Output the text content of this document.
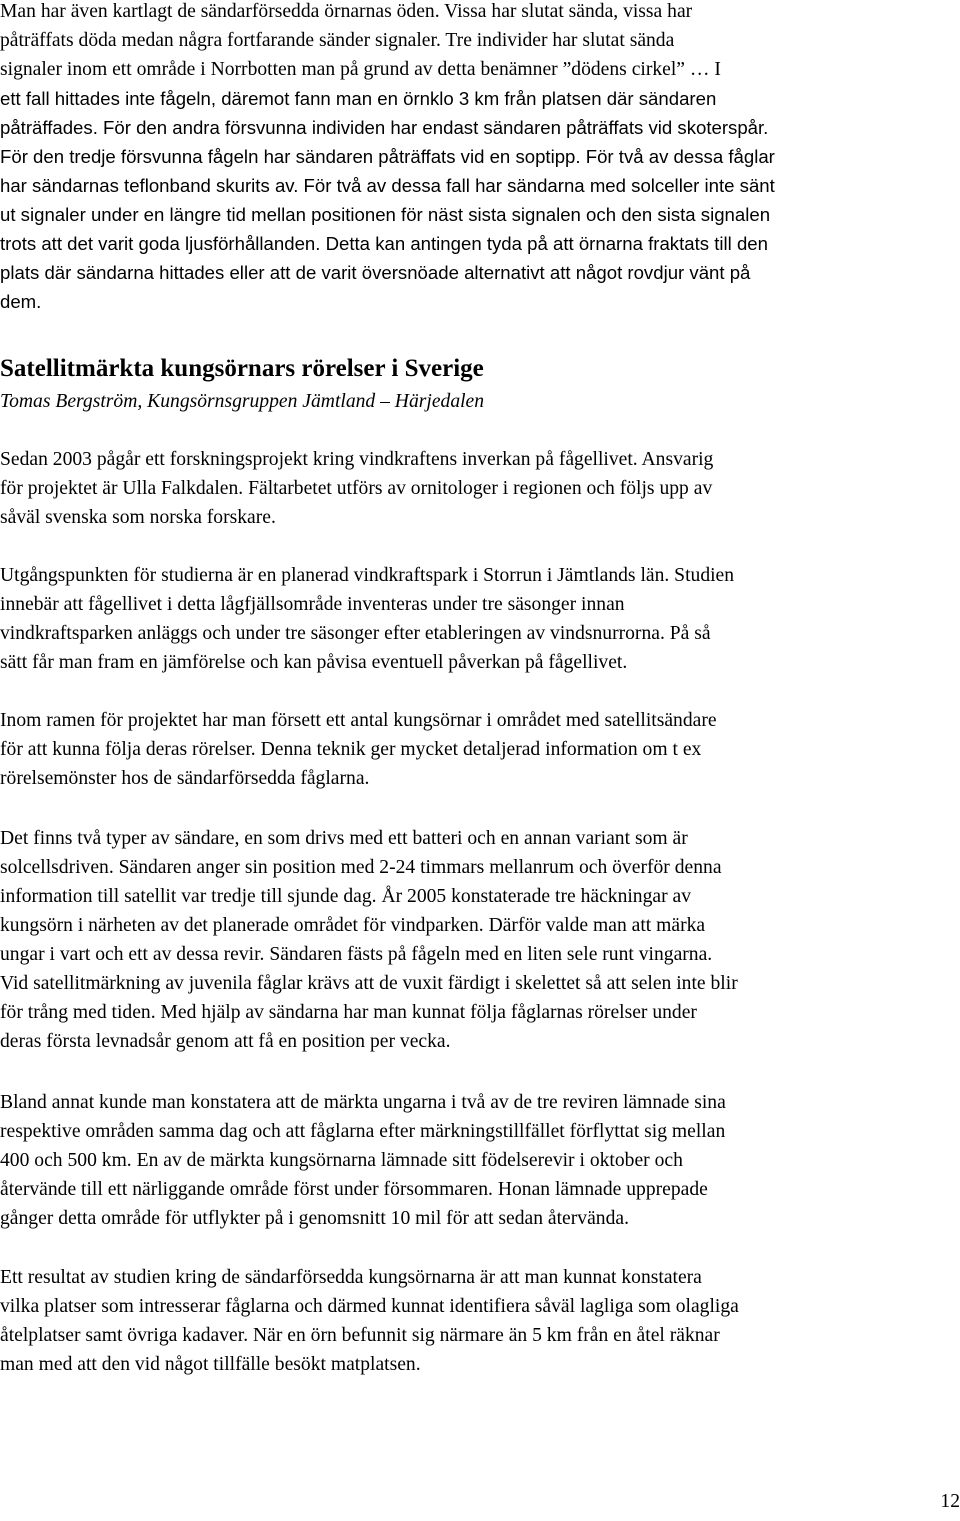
Man har även kartlagt de sändarförsedda örnarnas öden. Vissa har slutat sända, vissa har
påträffats döda medan några fortfarande sänder signaler. Tre individer har slutat sända
signaler inom ett område i Norrbotten man på grund av detta benämner ”dödens cirkel” … I
ett fall hittades inte fågeln, däremot fann man en örnklo 3 km från platsen där sändaren
påträffades. För den andra försvunna individen har endast sändaren påträffats vid skoterspår.
För den tredje försvunna fågeln har sändaren påträffats vid en soptipp. För två av dessa fåglar
har sändarnas teflonband skurits av. För två av dessa fall har sändarna med solceller inte sänt
ut signaler under en längre tid mellan positionen för näst sista signalen och den sista signalen
trots att det varit goda ljusförhållanden. Detta kan antingen tyda på att örnarna fraktats till den
plats där sändarna hittades eller att de varit översnöade alternativt att något rovdjur vänt på
dem.
Satellitmärkta kungsörnars rörelser i Sverige

Tomas Bergström, Kungsörnsgruppen Jämtland – Härjedalen

Sedan 2003 pågår ett forskningsprojekt kring vindkraftens inverkan på fågellivet. Ansvarig
för projektet är Ulla Falkdalen. Fältarbetet utförs av ornitologer i regionen och följs upp av
såväl svenska som norska forskare.
Utgångspunkten för studierna är en planerad vindkraftspark i Storrun i Jämtlands län. Studien
innebär att fågellivet i detta lågfjällsområde inventeras under tre säsonger innan
vindkraftsparken anläggs och under tre säsonger efter etableringen av vindsnurrorna. På så
sätt får man fram en jämförelse och kan påvisa eventuell påverkan på fågellivet.
Inom ramen för projektet har man försett ett antal kungsörnar i området med satellitsändare
för att kunna följa deras rörelser. Denna teknik ger mycket detaljerad information om t ex
rörelsemönster hos de sändarförsedda fåglarna.
Det finns två typer av sändare, en som drivs med ett batteri och en annan variant som är
solcellsdriven. Sändaren anger sin position med 2-24 timmars mellanrum och överför denna
information till satellit var tredje till sjunde dag. År 2005 konstaterade tre häckningar av
kungsörn i närheten av det planerade området för vindparken. Därför valde man att märka
ungar i vart och ett av dessa revir. Sändaren fästs på fågeln med en liten sele runt vingarna.
Vid satellitmärkning av juvenila fåglar krävs att de vuxit färdigt i skelettet så att selen inte blir
för trång med tiden. Med hjälp av sändarna har man kunnat följa fåglarnas rörelser under
deras första levnadsår genom att få en position per vecka.
Bland annat kunde man konstatera att de märkta ungarna i två av de tre reviren lämnade sina
respektive områden samma dag och att fåglarna efter märkningstillfället förflyttat sig mellan
400 och 500 km. En av de märkta kungsörnarna lämnade sitt födelserevir i oktober och
återvände till ett närliggande område först under försommaren. Honan lämnade upprepade
gånger detta område för utflykter på i genomsnitt 10 mil för att sedan återvända.
Ett resultat av studien kring de sändarförsedda kungsörnarna är att man kunnat konstatera
vilka platser som intresserar fåglarna och därmed kunnat identifiera såväl lagliga som olagliga
åtelplatser samt övriga kadaver. När en örn befunnit sig närmare än 5 km från en åtel räknar
man med att den vid något tillfälle besökt matplatsen.

12
